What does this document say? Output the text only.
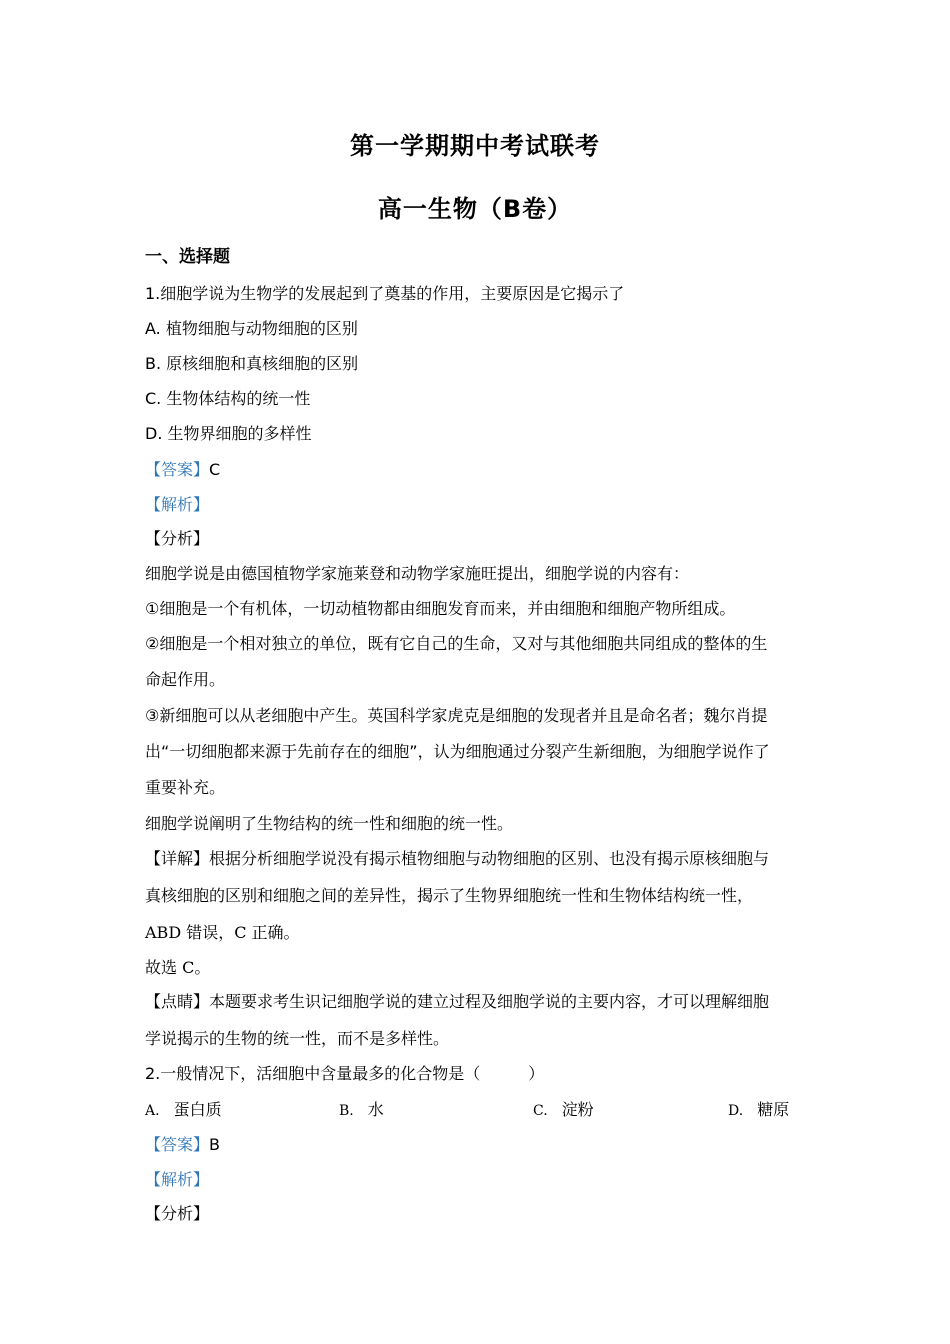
第一学期期中考试联考
高一生物（B卷）
一、选择题
1.细胞学说为生物学的发展起到了奠基的作用，主要原因是它揭示了
A. 植物细胞与动物细胞的区别
B. 原核细胞和真核细胞的区别
C. 生物体结构的统一性
D. 生物界细胞的多样性
【答案】C
【解析】
【分析】
细胞学说是由德国植物学家施莱登和动物学家施旺提出，细胞学说的内容有：
①细胞是一个有机体，一切动植物都由细胞发育而来，并由细胞和细胞产物所组成。
②细胞是一个相对独立的单位，既有它自己的生命，又对与其他细胞共同组成的整体的生
命起作用。
③新细胞可以从老细胞中产生。英国科学家虎克是细胞的发现者并且是命名者；魏尔肖提
出“一切细胞都来源于先前存在的细胞”，认为细胞通过分裂产生新细胞，为细胞学说作了
重要补充。
细胞学说阐明了生物结构的统一性和细胞的统一性。
【详解】根据分析细胞学说没有揭示植物细胞与动物细胞的区别、也没有揭示原核细胞与
真核细胞的区别和细胞之间的差异性，揭示了生物界细胞统一性和生物体结构统一性，
ABD 错误，C 正确。
故选 C。
【点睛】本题要求考生识记细胞学说的建立过程及细胞学说的主要内容，才可以理解细胞
学说揭示的生物的统一性，而不是多样性。
2.一般情况下，活细胞中含量最多的化合物是（　　　）
A. 蛋白质	B. 水	C. 淀粉	D. 糖原
【答案】B
【解析】
【分析】
